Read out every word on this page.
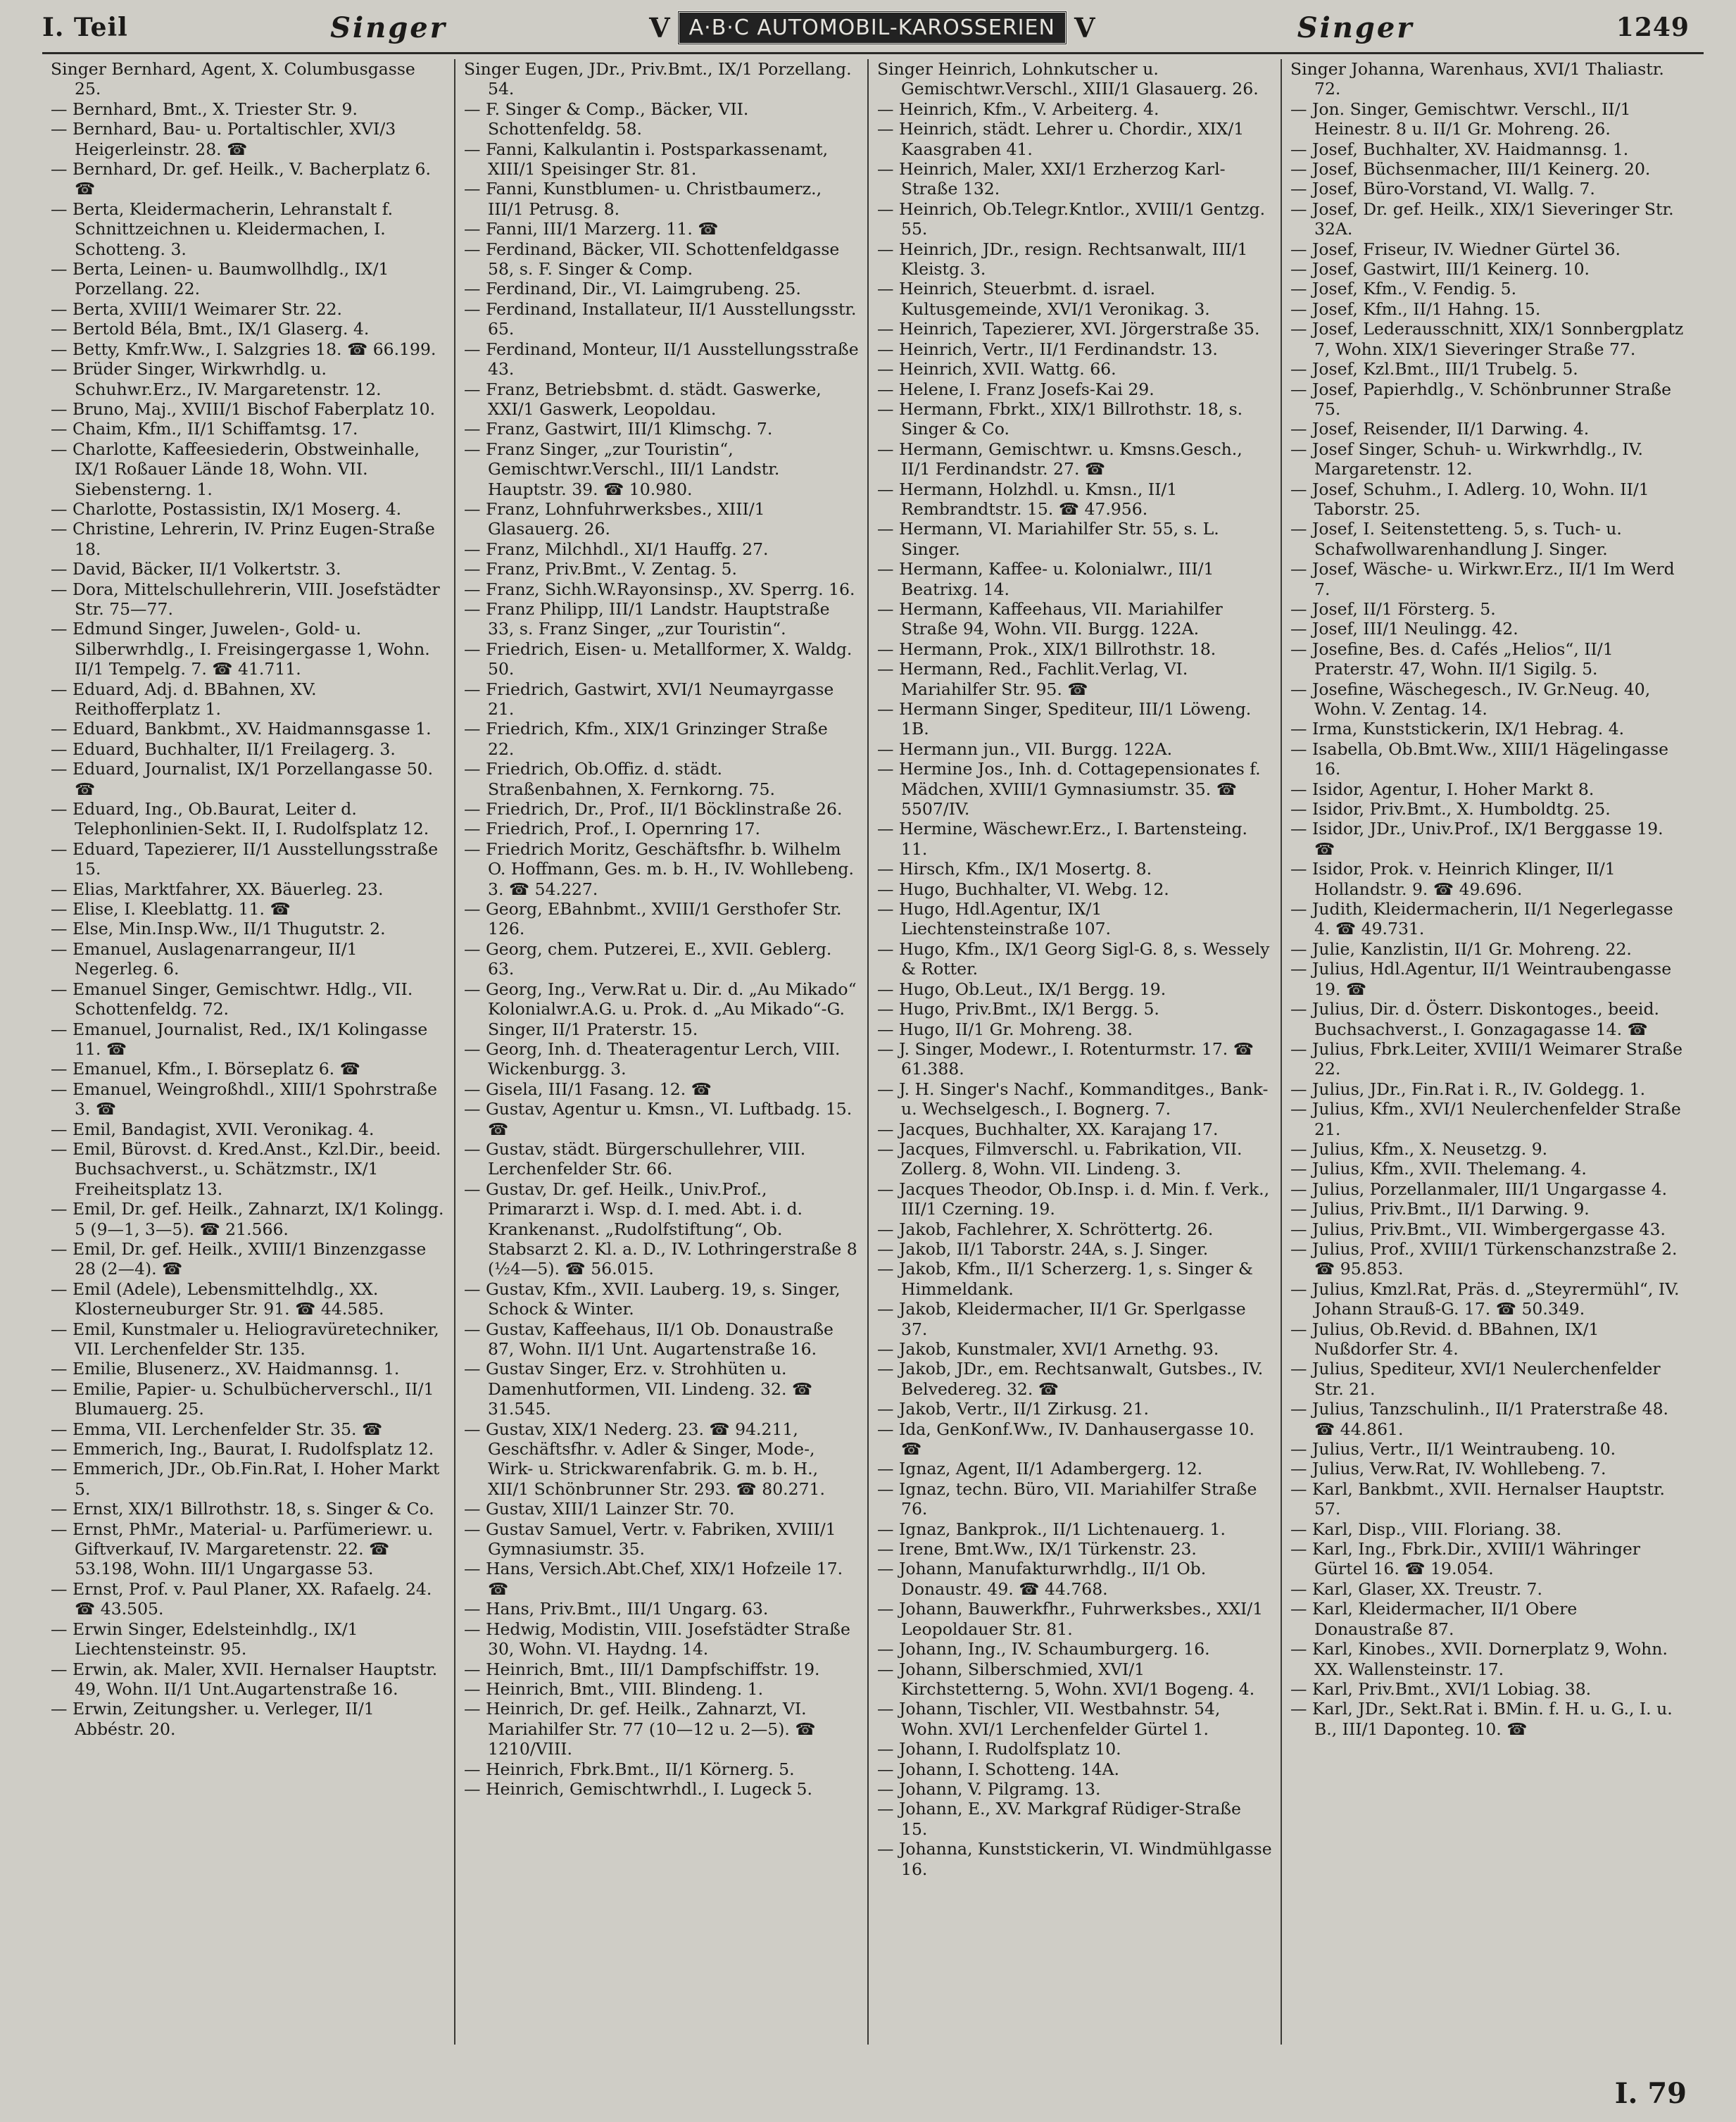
I. Teil	Singer	V A·B·C AUTOMOBIL-KAROSSERIEN V	Singer	1249

Singer Bernhard, Agent, X. Columbusgasse 25.

— Bernhard, Bmt., X. Triester Str. 9.

— Bernhard, Bau- u. Portaltischler, XVI/3 Heigerleinstr. 28. ☎

— Bernhard, Dr. gef. Heilk., V. Bacherplatz 6. ☎

— Berta, Kleidermacherin, Lehranstalt f. Schnittzeichnen u. Kleidermachen, I. Schotteng. 3.

— Berta, Leinen- u. Baumwollhdlg., IX/1 Porzellang. 22.

— Berta, XVIII/1 Weimarer Str. 22.

— Bertold Béla, Bmt., IX/1 Glaserg. 4.

— Betty, Kmfr.Ww., I. Salzgries 18. ☎ 66.199.

— Brüder Singer, Wirkwrhdlg. u. Schuhwr.Erz., IV. Margaretenstr. 12.

— Bruno, Maj., XVIII/1 Bischof Faberplatz 10.

— Chaim, Kfm., II/1 Schiffamtsg. 17.

— Charlotte, Kaffeesiederin, Obstweinhalle, IX/1 Roßauer Lände 18, Wohn. VII. Siebensterng. 1.

— Charlotte, Postassistin, IX/1 Moserg. 4.

— Christine, Lehrerin, IV. Prinz Eugen-Straße 18.

— David, Bäcker, II/1 Volkertstr. 3.

— Dora, Mittelschullehrerin, VIII. Josefstädter Str. 75—77.

— Edmund Singer, Juwelen-, Gold- u. Silberwrhdlg., I. Freisingergasse 1, Wohn. II/1 Tempelg. 7. ☎ 41.711.

— Eduard, Adj. d. BBahnen, XV. Reithofferplatz 1.

— Eduard, Bankbmt., XV. Haidmannsgasse 1.

— Eduard, Buchhalter, II/1 Freilagerg. 3.

— Eduard, Journalist, IX/1 Porzellangasse 50. ☎

— Eduard, Ing., Ob.Baurat, Leiter d. Telephonlinien-Sekt. II, I. Rudolfsplatz 12.

— Eduard, Tapezierer, II/1 Ausstellungsstraße 15.

— Elias, Marktfahrer, XX. Bäuerleg. 23.

— Elise, I. Kleeblattg. 11. ☎

— Else, Min.Insp.Ww., II/1 Thugutstr. 2.

— Emanuel, Auslagenarrangeur, II/1 Negerleg. 6.

— Emanuel Singer, Gemischtwr. Hdlg., VII. Schottenfeldg. 72.

— Emanuel, Journalist, Red., IX/1 Kolingasse 11. ☎

— Emanuel, Kfm., I. Börseplatz 6. ☎

— Emanuel, Weingroßhdl., XIII/1 Spohrstraße 3. ☎

— Emil, Bandagist, XVII. Veronikag. 4.

— Emil, Bürovst. d. Kred.Anst., Kzl.Dir., beeid. Buchsachverst., u. Schätzmstr., IX/1 Freiheitsplatz 13.

— Emil, Dr. gef. Heilk., Zahnarzt, IX/1 Kolingg. 5 (9—1, 3—5). ☎ 21.566.

— Emil, Dr. gef. Heilk., XVIII/1 Binzenzgasse 28 (2—4). ☎

— Emil (Adele), Lebensmittelhdlg., XX. Klosterneuburger Str. 91. ☎ 44.585.

— Emil, Kunstmaler u. Heliogravüretechniker, VII. Lerchenfelder Str. 135.

— Emilie, Blusenerz., XV. Haidmannsg. 1.

— Emilie, Papier- u. Schulbücherverschl., II/1 Blumauerg. 25.

— Emma, VII. Lerchenfelder Str. 35. ☎

— Emmerich, Ing., Baurat, I. Rudolfsplatz 12.

— Emmerich, JDr., Ob.Fin.Rat, I. Hoher Markt 5.

— Ernst, XIX/1 Billrothstr. 18, s. Singer & Co.

— Ernst, PhMr., Material- u. Parfümeriewr. u. Giftverkauf, IV. Margaretenstr. 22. ☎ 53.198, Wohn. III/1 Ungargasse 53.

— Ernst, Prof. v. Paul Planer, XX. Rafaelg. 24. ☎ 43.505.

— Erwin Singer, Edelsteinhdlg., IX/1 Liechtensteinstr. 95.

— Erwin, ak. Maler, XVII. Hernalser Hauptstr. 49, Wohn. II/1 Unt.Augartenstraße 16.

— Erwin, Zeitungsher. u. Verleger, II/1 Abbéstr. 20.

Singer Eugen, JDr., Priv.Bmt., IX/1 Porzellang. 54.

— F. Singer & Comp., Bäcker, VII. Schottenfeldg. 58.

— Fanni, Kalkulantin i. Postsparkassenamt, XIII/1 Speisinger Str. 81.

— Fanni, Kunstblumen- u. Christbaumerz., III/1 Petrusg. 8.

— Fanni, III/1 Marzerg. 11. ☎

— Ferdinand, Bäcker, VII. Schottenfeldgasse 58, s. F. Singer & Comp.

— Ferdinand, Dir., VI. Laimgrubeng. 25.

— Ferdinand, Installateur, II/1 Ausstellungsstr. 65.

— Ferdinand, Monteur, II/1 Ausstellungsstraße 43.

— Franz, Betriebsbmt. d. städt. Gaswerke, XXI/1 Gaswerk, Leopoldau.

— Franz, Gastwirt, III/1 Klimschg. 7.

— Franz Singer, „zur Touristin“, Gemischtwr.Verschl., III/1 Landstr. Hauptstr. 39. ☎ 10.980.

— Franz, Lohnfuhrwerksbes., XIII/1 Glasauerg. 26.

— Franz, Milchhdl., XI/1 Hauffg. 27.

— Franz, Priv.Bmt., V. Zentag. 5.

— Franz, Sichh.W.Rayonsinsp., XV. Sperrg. 16.

— Franz Philipp, III/1 Landstr. Hauptstraße 33, s. Franz Singer, „zur Touristin“.

— Friedrich, Eisen- u. Metallformer, X. Waldg. 50.

— Friedrich, Gastwirt, XVI/1 Neumayrgasse 21.

— Friedrich, Kfm., XIX/1 Grinzinger Straße 22.

— Friedrich, Ob.Offiz. d. städt. Straßenbahnen, X. Fernkorng. 75.

— Friedrich, Dr., Prof., II/1 Böcklinstraße 26.

— Friedrich, Prof., I. Opernring 17.

— Friedrich Moritz, Geschäftsfhr. b. Wilhelm O. Hoffmann, Ges. m. b. H., IV. Wohllebeng. 3. ☎ 54.227.

— Georg, EBahnbmt., XVIII/1 Gersthofer Str. 126.

— Georg, chem. Putzerei, E., XVII. Geblerg. 63.

— Georg, Ing., Verw.Rat u. Dir. d. „Au Mikado“ Kolonialwr.A.G. u. Prok. d. „Au Mikado“-G. Singer, II/1 Praterstr. 15.

— Georg, Inh. d. Theateragentur Lerch, VIII. Wickenburgg. 3.

— Gisela, III/1 Fasang. 12. ☎

— Gustav, Agentur u. Kmsn., VI. Luftbadg. 15. ☎

— Gustav, städt. Bürgerschullehrer, VIII. Lerchenfelder Str. 66.

— Gustav, Dr. gef. Heilk., Univ.Prof., Primararzt i. Wsp. d. I. med. Abt. i. d. Krankenanst. „Rudolfstiftung“, Ob. Stabsarzt 2. Kl. a. D., IV. Lothringerstraße 8 (½4—5). ☎ 56.015.

— Gustav, Kfm., XVII. Lauberg. 19, s. Singer, Schock & Winter.

— Gustav, Kaffeehaus, II/1 Ob. Donaustraße 87, Wohn. II/1 Unt. Augartenstraße 16.

— Gustav Singer, Erz. v. Strohhüten u. Damenhutformen, VII. Lindeng. 32. ☎ 31.545.

— Gustav, XIX/1 Nederg. 23. ☎ 94.211, Geschäftsfhr. v. Adler & Singer, Mode-, Wirk- u. Strickwarenfabrik. G. m. b. H., XII/1 Schönbrunner Str. 293. ☎ 80.271.

— Gustav, XIII/1 Lainzer Str. 70.

— Gustav Samuel, Vertr. v. Fabriken, XVIII/1 Gymnasiumstr. 35.

— Hans, Versich.Abt.Chef, XIX/1 Hofzeile 17. ☎

— Hans, Priv.Bmt., III/1 Ungarg. 63.

— Hedwig, Modistin, VIII. Josefstädter Straße 30, Wohn. VI. Haydng. 14.

— Heinrich, Bmt., III/1 Dampfschiffstr. 19.

— Heinrich, Bmt., VIII. Blindeng. 1.

— Heinrich, Dr. gef. Heilk., Zahnarzt, VI. Mariahilfer Str. 77 (10—12 u. 2—5). ☎ 1210/VIII.

— Heinrich, Fbrk.Bmt., II/1 Körnerg. 5.

— Heinrich, Gemischtwrhdl., I. Lugeck 5.

Singer Heinrich, Lohnkutscher u. Gemischtwr.Verschl., XIII/1 Glasauerg. 26.

— Heinrich, Kfm., V. Arbeiterg. 4.

— Heinrich, städt. Lehrer u. Chordir., XIX/1 Kaasgraben 41.

— Heinrich, Maler, XXI/1 Erzherzog Karl-Straße 132.

— Heinrich, Ob.Telegr.Kntlor., XVIII/1 Gentzg. 55.

— Heinrich, JDr., resign. Rechtsanwalt, III/1 Kleistg. 3.

— Heinrich, Steuerbmt. d. israel. Kultusgemeinde, XVI/1 Veronikag. 3.

— Heinrich, Tapezierer, XVI. Jörgerstraße 35.

— Heinrich, Vertr., II/1 Ferdinandstr. 13.

— Heinrich, XVII. Wattg. 66.

— Helene, I. Franz Josefs-Kai 29.

— Hermann, Fbrkt., XIX/1 Billrothstr. 18, s. Singer & Co.

— Hermann, Gemischtwr. u. Kmsns.Gesch., II/1 Ferdinandstr. 27. ☎

— Hermann, Holzhdl. u. Kmsn., II/1 Rembrandtstr. 15. ☎ 47.956.

— Hermann, VI. Mariahilfer Str. 55, s. L. Singer.

— Hermann, Kaffee- u. Kolonialwr., III/1 Beatrixg. 14.

— Hermann, Kaffeehaus, VII. Mariahilfer Straße 94, Wohn. VII. Burgg. 122A.

— Hermann, Prok., XIX/1 Billrothstr. 18.

— Hermann, Red., Fachlit.Verlag, VI. Mariahilfer Str. 95. ☎

— Hermann Singer, Spediteur, III/1 Löweng. 1B.

— Hermann jun., VII. Burgg. 122A.

— Hermine Jos., Inh. d. Cottagepensionates f. Mädchen, XVIII/1 Gymnasiumstr. 35. ☎ 5507/IV.

— Hermine, Wäschewr.Erz., I. Bartensteing. 11.

— Hirsch, Kfm., IX/1 Mosertg. 8.

— Hugo, Buchhalter, VI. Webg. 12.

— Hugo, Hdl.Agentur, IX/1 Liechtensteinstraße 107.

— Hugo, Kfm., IX/1 Georg Sigl-G. 8, s. Wessely & Rotter.

— Hugo, Ob.Leut., IX/1 Bergg. 19.

— Hugo, Priv.Bmt., IX/1 Bergg. 5.

— Hugo, II/1 Gr. Mohreng. 38.

— J. Singer, Modewr., I. Rotenturmstr. 17. ☎ 61.388.

— J. H. Singer's Nachf., Kommanditges., Bank- u. Wechselgesch., I. Bognerg. 7.

— Jacques, Buchhalter, XX. Karajang 17.

— Jacques, Filmverschl. u. Fabrikation, VII. Zollerg. 8, Wohn. VII. Lindeng. 3.

— Jacques Theodor, Ob.Insp. i. d. Min. f. Verk., III/1 Czerning. 19.

— Jakob, Fachlehrer, X. Schröttertg. 26.

— Jakob, II/1 Taborstr. 24A, s. J. Singer.

— Jakob, Kfm., II/1 Scherzerg. 1, s. Singer & Himmeldank.

— Jakob, Kleidermacher, II/1 Gr. Sperlgasse 37.

— Jakob, Kunstmaler, XVI/1 Arnethg. 93.

— Jakob, JDr., em. Rechtsanwalt, Gutsbes., IV. Belvedereg. 32. ☎

— Jakob, Vertr., II/1 Zirkusg. 21.

— Ida, GenKonf.Ww., IV. Danhausergasse 10. ☎

— Ignaz, Agent, II/1 Adambergerg. 12.

— Ignaz, techn. Büro, VII. Mariahilfer Straße 76.

— Ignaz, Bankprok., II/1 Lichtenauerg. 1.

— Irene, Bmt.Ww., IX/1 Türkenstr. 23.

— Johann, Manufakturwrhdlg., II/1 Ob. Donaustr. 49. ☎ 44.768.

— Johann, Bauwerkfhr., Fuhrwerksbes., XXI/1 Leopoldauer Str. 81.

— Johann, Ing., IV. Schaumburgerg. 16.

— Johann, Silberschmied, XVI/1 Kirchstetterng. 5, Wohn. XVI/1 Bogeng. 4.

— Johann, Tischler, VII. Westbahnstr. 54, Wohn. XVI/1 Lerchenfelder Gürtel 1.

— Johann, I. Rudolfsplatz 10.

— Johann, I. Schotteng. 14A.

— Johann, V. Pilgramg. 13.

— Johann, E., XV. Markgraf Rüdiger-Straße 15.

— Johanna, Kunststickerin, VI. Windmühlgasse 16.

Singer Johanna, Warenhaus, XVI/1 Thaliastr. 72.

— Jon. Singer, Gemischtwr. Verschl., II/1 Heinestr. 8 u. II/1 Gr. Mohreng. 26.

— Josef, Buchhalter, XV. Haidmannsg. 1.

— Josef, Büchsenmacher, III/1 Keinerg. 20.

— Josef, Büro-Vorstand, VI. Wallg. 7.

— Josef, Dr. gef. Heilk., XIX/1 Sieveringer Str. 32A.

— Josef, Friseur, IV. Wiedner Gürtel 36.

— Josef, Gastwirt, III/1 Keinerg. 10.

— Josef, Kfm., V. Fendig. 5.

— Josef, Kfm., II/1 Hahng. 15.

— Josef, Lederausschnitt, XIX/1 Sonnbergplatz 7, Wohn. XIX/1 Sieveringer Straße 77.

— Josef, Kzl.Bmt., III/1 Trubelg. 5.

— Josef, Papierhdlg., V. Schönbrunner Straße 75.

— Josef, Reisender, II/1 Darwing. 4.

— Josef Singer, Schuh- u. Wirkwrhdlg., IV. Margaretenstr. 12.

— Josef, Schuhm., I. Adlerg. 10, Wohn. II/1 Taborstr. 25.

— Josef, I. Seitenstetteng. 5, s. Tuch- u. Schafwollwarenhandlung J. Singer.

— Josef, Wäsche- u. Wirkwr.Erz., II/1 Im Werd 7.

— Josef, II/1 Försterg. 5.

— Josef, III/1 Neulingg. 42.

— Josefine, Bes. d. Cafés „Helios“, II/1 Praterstr. 47, Wohn. II/1 Sigilg. 5.

— Josefine, Wäschegesch., IV. Gr.Neug. 40, Wohn. V. Zentag. 14.

— Irma, Kunststickerin, IX/1 Hebrag. 4.

— Isabella, Ob.Bmt.Ww., XIII/1 Hägelingasse 16.

— Isidor, Agentur, I. Hoher Markt 8.

— Isidor, Priv.Bmt., X. Humboldtg. 25.

— Isidor, JDr., Univ.Prof., IX/1 Berggasse 19. ☎

— Isidor, Prok. v. Heinrich Klinger, II/1 Hollandstr. 9. ☎ 49.696.

— Judith, Kleidermacherin, II/1 Negerlegasse 4. ☎ 49.731.

— Julie, Kanzlistin, II/1 Gr. Mohreng. 22.

— Julius, Hdl.Agentur, II/1 Weintraubengasse 19. ☎

— Julius, Dir. d. Österr. Diskontoges., beeid. Buchsachverst., I. Gonzagagasse 14. ☎

— Julius, Fbrk.Leiter, XVIII/1 Weimarer Straße 22.

— Julius, JDr., Fin.Rat i. R., IV. Goldegg. 1.

— Julius, Kfm., XVI/1 Neulerchenfelder Straße 21.

— Julius, Kfm., X. Neusetzg. 9.

— Julius, Kfm., XVII. Thelemang. 4.

— Julius, Porzellanmaler, III/1 Ungargasse 4.

— Julius, Priv.Bmt., II/1 Darwing. 9.

— Julius, Priv.Bmt., VII. Wimbergergasse 43.

— Julius, Prof., XVIII/1 Türkenschanzstraße 2. ☎ 95.853.

— Julius, Kmzl.Rat, Präs. d. „Steyrermühl“, IV. Johann Strauß-G. 17. ☎ 50.349.

— Julius, Ob.Revid. d. BBahnen, IX/1 Nußdorfer Str. 4.

— Julius, Spediteur, XVI/1 Neulerchenfelder Str. 21.

— Julius, Tanzschulinh., II/1 Praterstraße 48. ☎ 44.861.

— Julius, Vertr., II/1 Weintraubeng. 10.

— Julius, Verw.Rat, IV. Wohllebeng. 7.

— Karl, Bankbmt., XVII. Hernalser Hauptstr. 57.

— Karl, Disp., VIII. Floriang. 38.

— Karl, Ing., Fbrk.Dir., XVIII/1 Währinger Gürtel 16. ☎ 19.054.

— Karl, Glaser, XX. Treustr. 7.

— Karl, Kleidermacher, II/1 Obere Donaustraße 87.

— Karl, Kinobes., XVII. Dornerplatz 9, Wohn. XX. Wallensteinstr. 17.

— Karl, Priv.Bmt., XVI/1 Lobiag. 38.

— Karl, JDr., Sekt.Rat i. BMin. f. H. u. G., I. u. B., III/1 Daponteg. 10. ☎

I. 79
